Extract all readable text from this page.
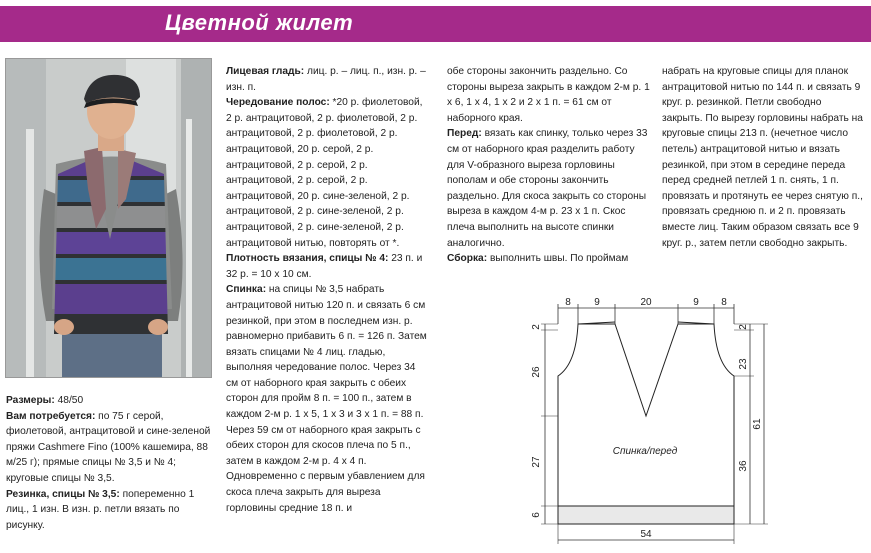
Цветной жилет

Размеры: 48/50

Вам потребуется: по 75 г серой, фиолетовой, антрацитовой и сине-зеленой пряжи Cashmere Fino (100% кашемира, 88 м/25 г); прямые спицы № 3,5 и № 4; круговые спицы № 3,5.

Резинка, спицы № 3,5: попеременно 1 лиц., 1 изн. В изн. р. петли вязать по рисунку.

Лицевая гладь: лиц. р. – лиц. п., изн. р. – изн. п.

Чередование полос: *20 р. фиолетовой, 2 р. антрацитовой, 2 р. фиолетовой, 2 р. антрацитовой, 2 р. фиолетовой, 2 р. антрацитовой, 20 р. серой, 2 р. антрацитовой, 2 р. серой, 2 р. антрацитовой, 2 р. серой, 2 р. антрацитовой, 20 р. сине-зеленой, 2 р. антрацитовой, 2 р. сине-зеленой, 2 р. антрацитовой, 2 р. сине-зеленой, 2 р. антрацитовой нитью, повторять от *.

Плотность вязания, спицы № 4: 23 п. и 32 р. = 10 х 10 см.

Спинка: на спицы № 3,5 набрать антрацитовой нитью 120 п. и связать 6 см резинкой, при этом в последнем изн. р. равномерно прибавить 6 п. = 126 п. Затем вязать спицами № 4 лиц. гладью, выполняя чередование полос. Через 34 см от наборного края закрыть с обеих сторон для пройм 8 п. = 100 п., затем в каждом 2-м р. 1 х 5, 1 х 3 и 3 х 1 п. = 88 п. Через 59 см от наборного края закрыть с обеих сторон для скосов плеча по 5 п., затем в каждом 2-м р. 4 х 4 п. Одновременно с первым убавлением для скоса плеча закрыть для выреза горловины средние 18 п. и

обе стороны закончить раздельно. Со стороны выреза закрыть в каждом 2-м р. 1 х 6, 1 х 4, 1 х 2 и 2 х 1 п. = 61 см от наборного края.

Перед: вязать как спинку, только через 33 см от наборного края разделить работу для V-образного выреза горловины пополам и обе стороны закончить раздельно. Для скоса закрыть со стороны выреза в каждом 4-м р. 23 х 1 п. Скос плеча выполнить на высоте спинки аналогично.

Сборка: выполнить швы. По проймам

набрать на круговые спицы для планок антрацитовой нитью по 144 п. и связать 9 круг. р. резинкой. Петли свободно закрыть. По вырезу горловины набрать на круговые спицы 213 п. (нечетное число петель) антрацитовой нитью и вязать резинкой, при этом в середине переда перед средней петлей 1 п. снять, 1 п. провязать и протянуть ее через снятую п., провязать среднюю п. и 2 п. провязать вместе лиц. Таким образом связать все 9 круг. р., затем петли свободно закрыть.

8 9	20	9 8
2
26
27
6
2
23
36
61
54
Спинка/перед
